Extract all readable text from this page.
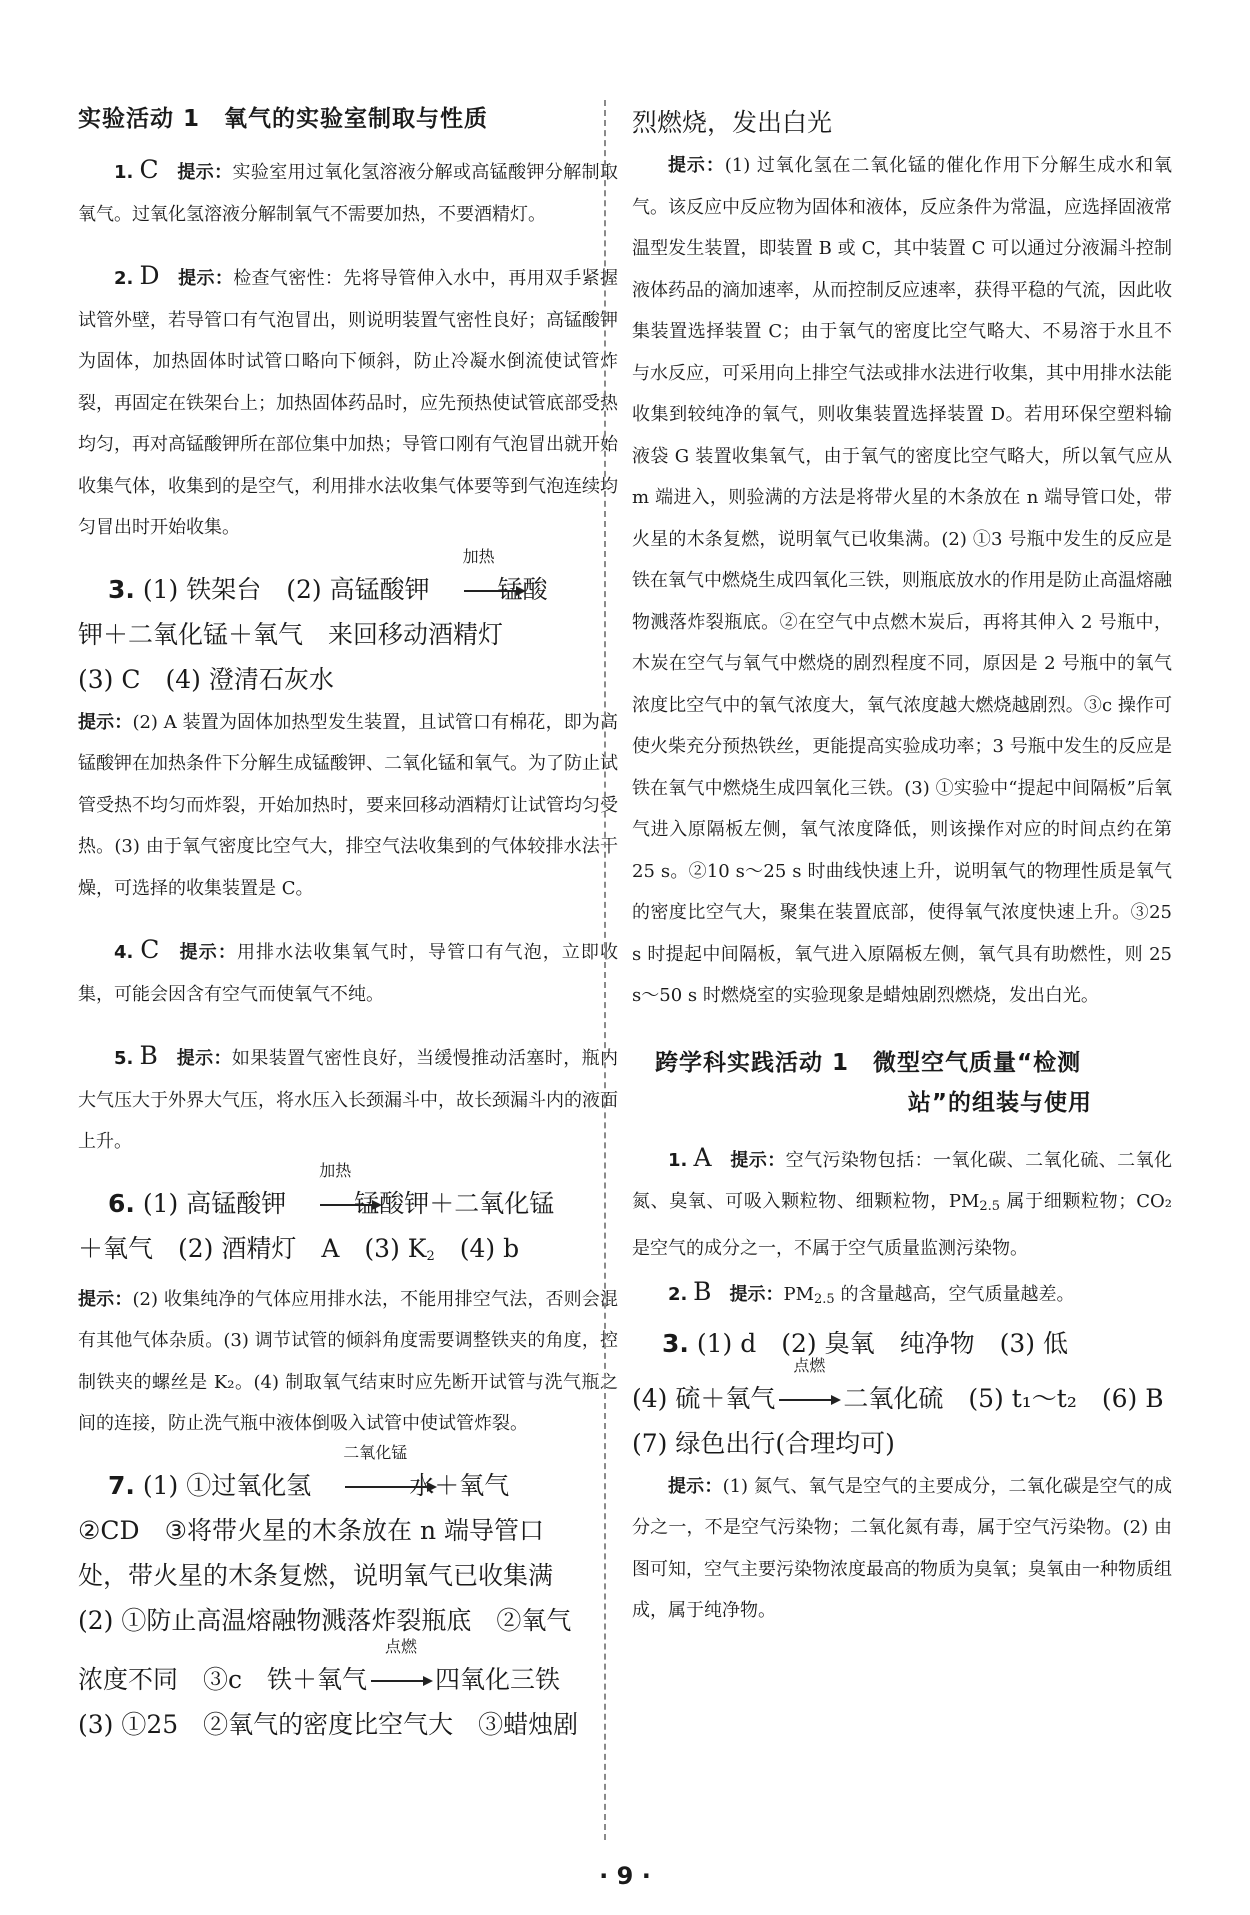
实验活动 1　氧气的实验室制取与性质

1. C　 提示：实验室用过氧化氢溶液分解或高锰酸钾分解制取氧气。过氧化氢溶液分解制氧气不需要加热，不要酒精灯。

2. D　 提示：检查气密性：先将导管伸入水中，再用双手紧握试管外壁，若导管口有气泡冒出，则说明装置气密性良好；高锰酸钾为固体，加热固体时试管口略向下倾斜，防止冷凝水倒流使试管炸裂，再固定在铁架台上；加热固体药品时，应先预热使试管底部受热均匀，再对高锰酸钾所在部位集中加热；导管口刚有气泡冒出就开始收集气体，收集到的是空气，利用排水法收集气体要等到气泡连续均匀冒出时开始收集。

3. (1) 铁架台　(2) 高锰酸钾
加热
锰酸

钾＋二氧化锰＋氧气　来回移动酒精灯

(3) C　(4) 澄清石灰水

提示：(2) A 装置为固体加热型发生装置，且试管口有棉花，即为高锰酸钾在加热条件下分解生成锰酸钾、二氧化锰和氧气。为了防止试管受热不均匀而炸裂，开始加热时，要来回移动酒精灯让试管均匀受热。(3) 由于氧气密度比空气大，排空气法收集到的气体较排水法干燥，可选择的收集装置是 C。

4. C　 提示：用排水法收集氧气时，导管口有气泡，立即收集，可能会因含有空气而使氧气不纯。

5. B　 提示：如果装置气密性良好，当缓慢推动活塞时，瓶内大气压大于外界大气压，将水压入长颈漏斗中，故长颈漏斗内的液面上升。

6. (1) 高锰酸钾
加热
锰酸钾＋二氧化锰

＋氧气　(2) 酒精灯　A　(3) $K_2$　(4) b

提示：(2) 收集纯净的气体应用排水法，不能用排空气法，否则会混有其他气体杂质。(3) 调节试管的倾斜角度需要调整铁夹的角度，控制铁夹的螺丝是 K₂。(4) 制取氧气结束时应先断开试管与洗气瓶之间的连接，防止洗气瓶中液体倒吸入试管中使试管炸裂。

7. (1) ①过氧化氢
二氧化锰
水＋氧气

②CD　③将带火星的木条放在 n 端导管口

处，带火星的木条复燃，说明氧气已收集满

(2) ①防止高温熔融物溅落炸裂瓶底　②氧气

浓度不同　③c　铁＋氧气
点燃
四氧化三铁

(3) ①25　②氧气的密度比空气大　③蜡烛剧

烈燃烧，发出白光

提示：(1) 过氧化氢在二氧化锰的催化作用下分解生成水和氧气。该反应中反应物为固体和液体，反应条件为常温，应选择固液常温型发生装置，即装置 B 或 C，其中装置 C 可以通过分液漏斗控制液体药品的滴加速率，从而控制反应速率，获得平稳的气流，因此收集装置选择装置 C；由于氧气的密度比空气略大、不易溶于水且不与水反应，可采用向上排空气法或排水法进行收集，其中用排水法能收集到较纯净的氧气，则收集装置选择装置 D。若用环保空塑料输液袋 G 装置收集氧气，由于氧气的密度比空气略大，所以氧气应从 m 端进入，则验满的方法是将带火星的木条放在 n 端导管口处，带火星的木条复燃，说明氧气已收集满。(2) ①3 号瓶中发生的反应是铁在氧气中燃烧生成四氧化三铁，则瓶底放水的作用是防止高温熔融物溅落炸裂瓶底。②在空气中点燃木炭后，再将其伸入 2 号瓶中，木炭在空气与氧气中燃烧的剧烈程度不同，原因是 2 号瓶中的氧气浓度比空气中的氧气浓度大，氧气浓度越大燃烧越剧烈。③c 操作可使火柴充分预热铁丝，更能提高实验成功率；3 号瓶中发生的反应是铁在氧气中燃烧生成四氧化三铁。(3) ①实验中“提起中间隔板”后氧气进入原隔板左侧，氧气浓度降低，则该操作对应的时间点约在第 25 s。②10 s～25 s 时曲线快速上升，说明氧气的物理性质是氧气的密度比空气大，聚集在装置底部，使得氧气浓度快速上升。③25 s 时提起中间隔板，氧气进入原隔板左侧，氧气具有助燃性，则 25 s～50 s 时燃烧室的实验现象是蜡烛剧烈燃烧，发出白光。

跨学科实践活动 1　微型空气质量“检测
站”的组装与使用

1. A　 提示：空气污染物包括：一氧化碳、二氧化硫、二氧化氮、臭氧、可吸入颗粒物、细颗粒物，$PM_{2.5}$ 属于细颗粒物；CO₂ 是空气的成分之一，不属于空气质量监测污染物。

2. B　 提示：$PM_{2.5}$ 的含量越高，空气质量越差。

3. (1) d　(2) 臭氧　纯净物　(3) 低

(4) 硫＋氧气
点燃
二氧化硫　(5) t₁～t₂　(6) B

(7) 绿色出行(合理均可)

提示：(1) 氮气、氧气是空气的主要成分，二氧化碳是空气的成分之一，不是空气污染物；二氧化氮有毒，属于空气污染物。(2) 由图可知，空气主要污染物浓度最高的物质为臭氧；臭氧由一种物质组成，属于纯净物。

· 9 ·
